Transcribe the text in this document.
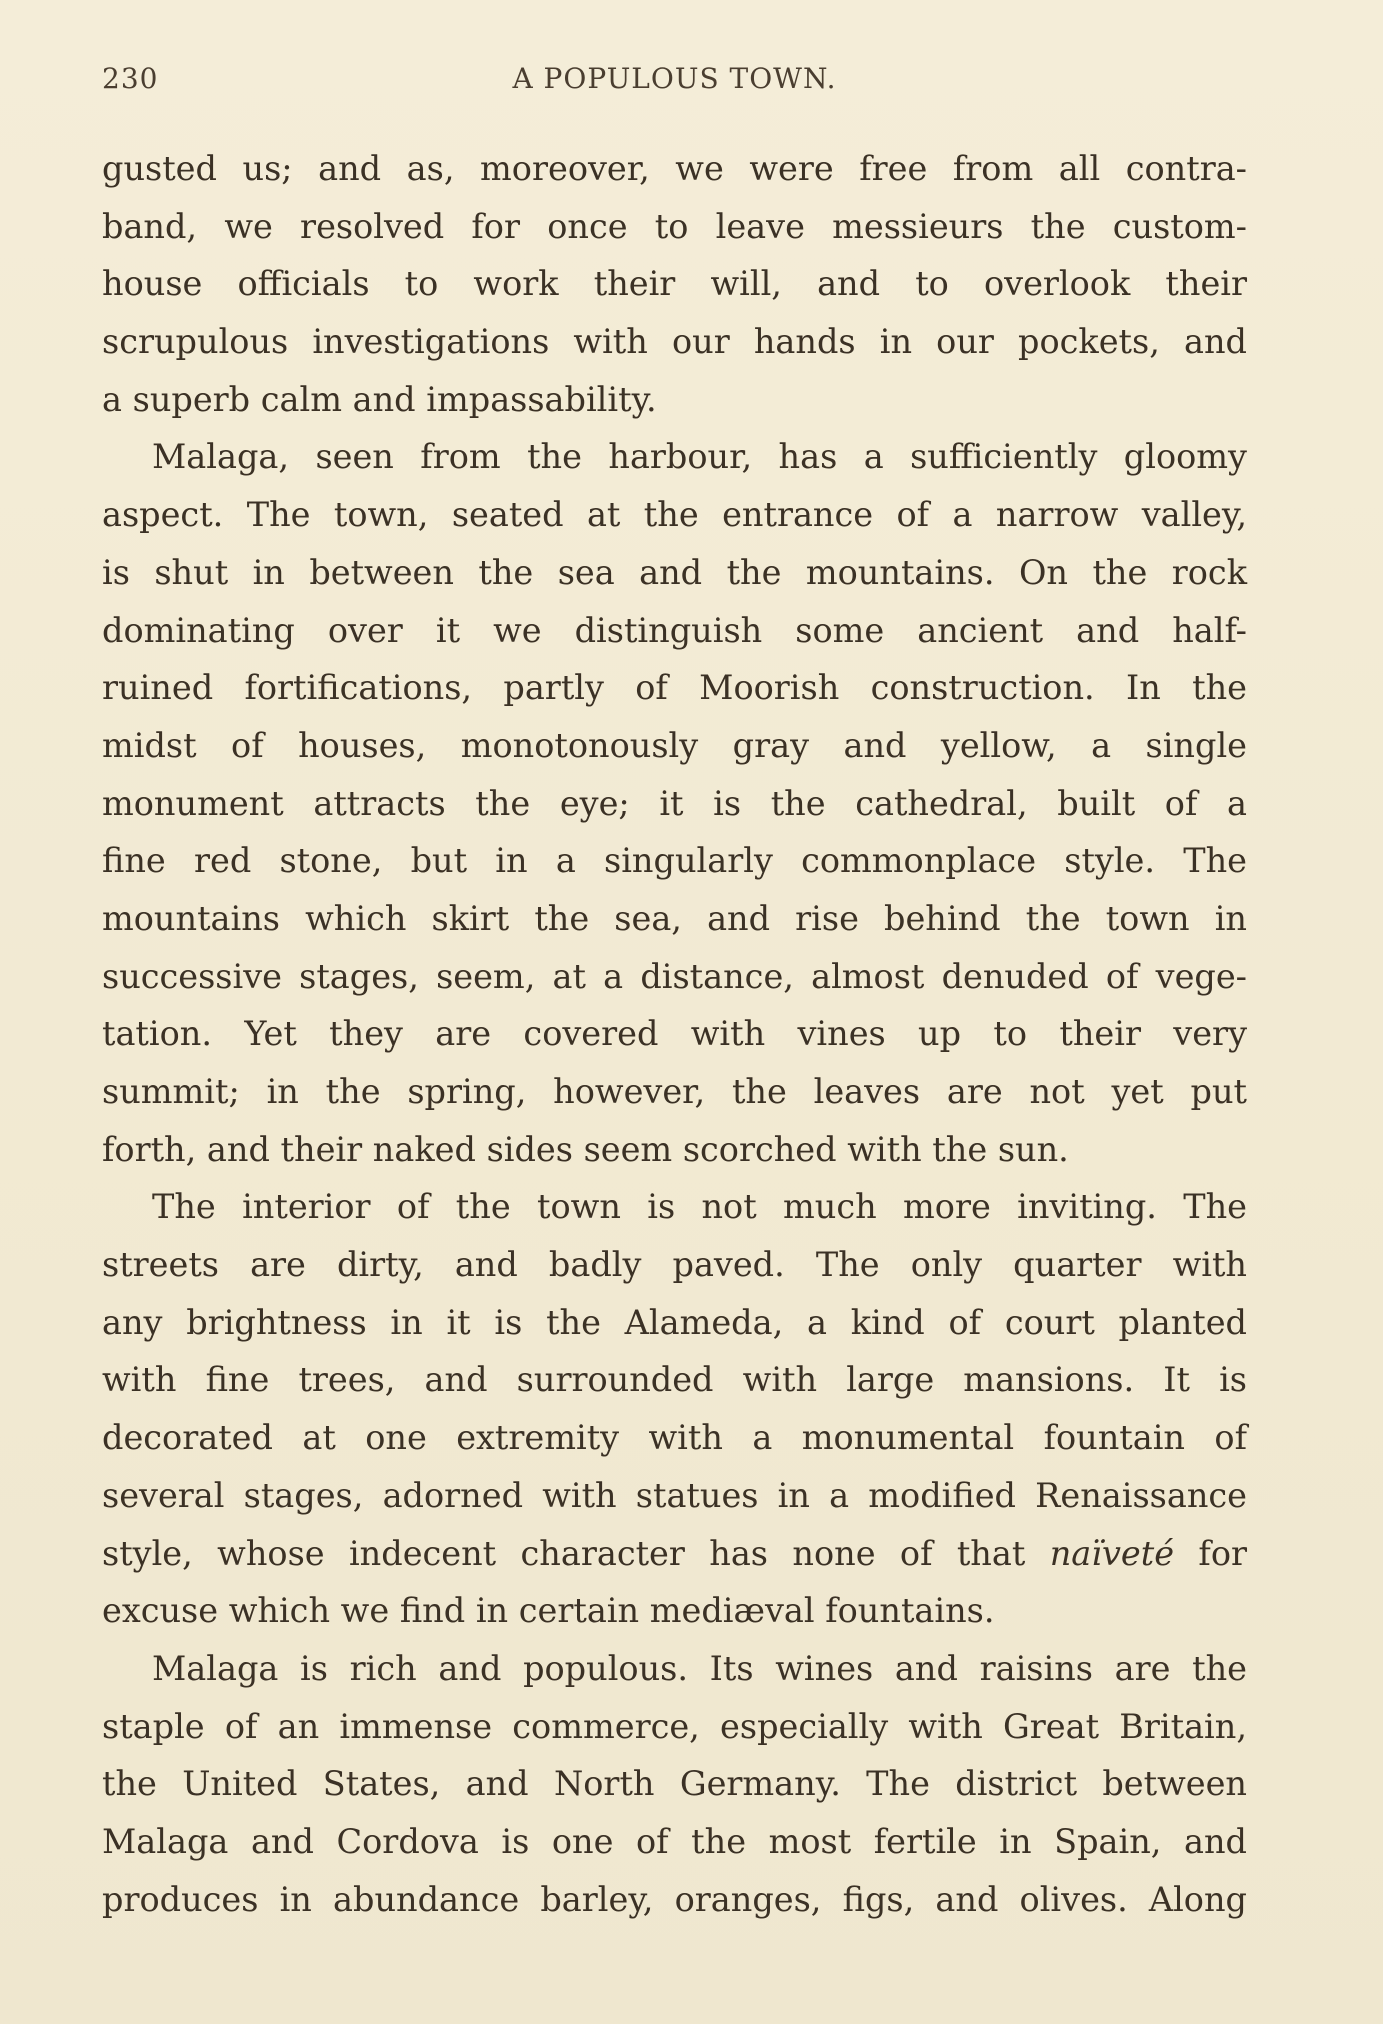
230	A POPULOUS TOWN.
gusted us; and as, moreover, we were free from all contra-
band, we resolved for once to leave messieurs the custom-
house officials to work their will, and to overlook their
scrupulous investigations with our hands in our pockets, and
a superb calm and impassability.
Malaga, seen from the harbour, has a sufficiently gloomy
aspect. The town, seated at the entrance of a narrow valley,
is shut in between the sea and the mountains. On the rock
dominating over it we distinguish some ancient and half-
ruined fortifications, partly of Moorish construction. In the
midst of houses, monotonously gray and yellow, a single
monument attracts the eye; it is the cathedral, built of a
fine red stone, but in a singularly commonplace style. The
mountains which skirt the sea, and rise behind the town in
successive stages, seem, at a distance, almost denuded of vege-
tation. Yet they are covered with vines up to their very
summit; in the spring, however, the leaves are not yet put
forth, and their naked sides seem scorched with the sun.
The interior of the town is not much more inviting. The
streets are dirty, and badly paved. The only quarter with
any brightness in it is the Alameda, a kind of court planted
with fine trees, and surrounded with large mansions. It is
decorated at one extremity with a monumental fountain of
several stages, adorned with statues in a modified Renaissance
style, whose indecent character has none of that naïveté for
excuse which we find in certain mediæval fountains.
Malaga is rich and populous. Its wines and raisins are the
staple of an immense commerce, especially with Great Britain,
the United States, and North Germany. The district between
Malaga and Cordova is one of the most fertile in Spain, and
produces in abundance barley, oranges, figs, and olives. Along
